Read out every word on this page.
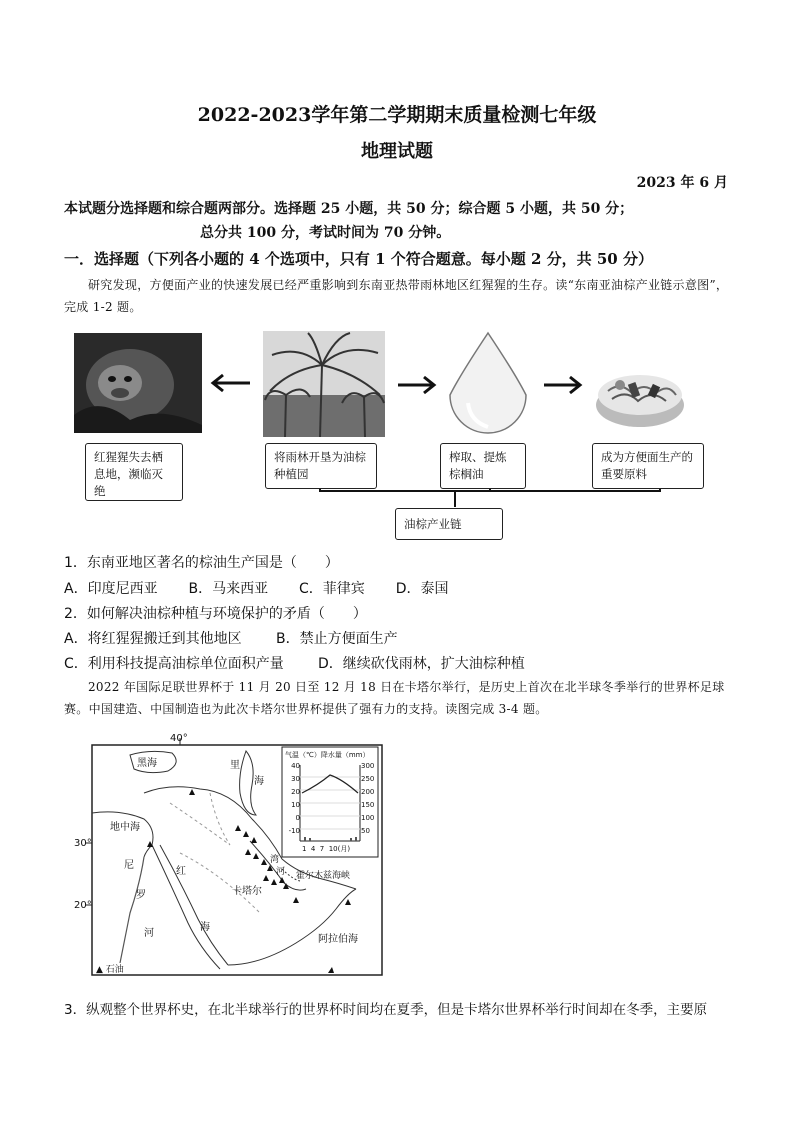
2022-2023学年第二学期期末质量检测七年级
地理试题
2023 年 6 月
本试题分选择题和综合题两部分。选择题 25 小题，共 50 分；综合题 5 小题，共 50 分；
总分共 100 分，考试时间为 70 分钟。
一．选择题（下列各小题的 4 个选项中，只有 1 个符合题意。每小题 2 分，共 50 分）
研究发现，方便面产业的快速发展已经严重影响到东南亚热带雨林地区红猩猩的生存。读“东南亚油棕产业链示意图”，完成 1-2 题。
红猩猩失去栖息地，濒临灭绝
将雨林开垦为油棕种植园
榨取、提炼棕榈油
成为方便面生产的重要原料
油棕产业链
1．东南亚地区著名的棕油生产国是（　　）
A．印度尼西亚 B．马来西亚 C．菲律宾 D．泰国
2．如何解决油棕种植与环境保护的矛盾（　　）
A．将红猩猩搬迁到其他地区 B．禁止方便面生产
C．利用科技提高油棕单位面积产量 D．继续砍伐雨林，扩大油棕种植
2022 年国际足联世界杯于 11 月 20 日至 12 月 18 日在卡塔尔举行，是历史上首次在北半球冬季举行的世界杯足球赛。中国建造、中国制造也为此次卡塔尔世界杯提供了强有力的支持。读图完成 3-4 题。
40°
30°
20°
黑海	里
海
地中海
尼
罗
河
红
海
卡塔尔
霍尔木兹海峡
阿拉伯海
湾
河
▲ 石油
气温（℃）降水量（mm）
40
30
20
10
0
-10
300
250
200
150
100
50
1  4  7  10(月)
3．纵观整个世界杯史，在北半球举行的世界杯时间均在夏季，但是卡塔尔世界杯举行时间却在冬季，主要原
